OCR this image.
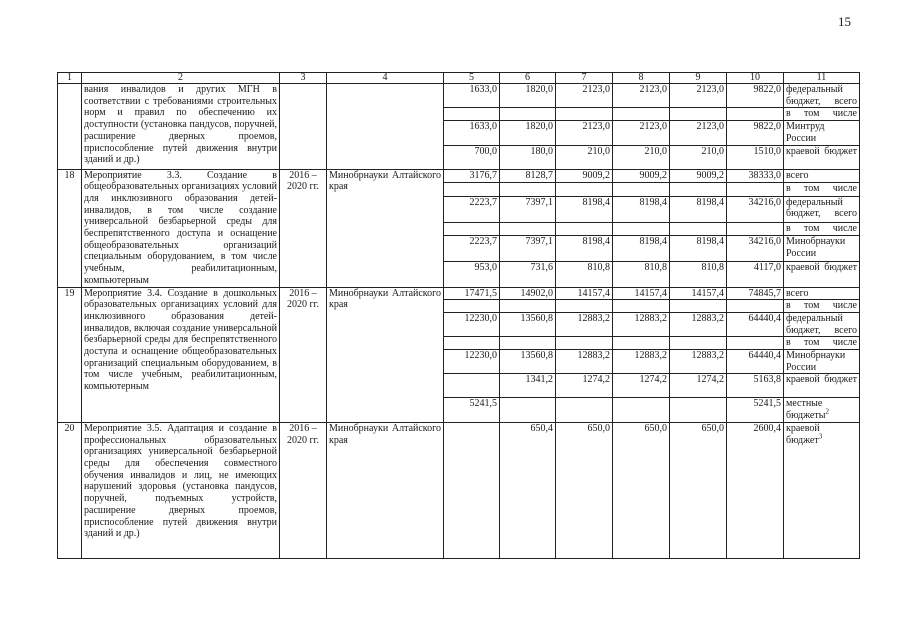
15
1	2	3	4	5	6	7	8	9	10	11
	вания инвалидов и других МГН в соответствии с требованиями строительных норм и правил по обеспечению их доступности (установка пандусов, поручней, расширение дверных проемов, приспособление путей движения внутри зданий и др.)			1633,0	1820,0	2123,0	2123,0	2123,0	9822,0	федеральный бюджет, всего

										в том числе

				1633,0	1820,0	2123,0	2123,0	2123,0	9822,0	Минтруд России

				700,0	180,0	210,0	210,0	210,0	1510,0	краевой бюджет

18	Мероприятие 3.3. Создание в общеобразовательных организациях условий для инклюзивного образования детей-инвалидов, в том числе создание универсальной безбарьерной среды для беспрепятственного доступа и оснащение общеобразовательных организаций специальным оборудованием, в том числе учебным, реабилитационным, компьютерным	2016 – 2020 гг.	Минобрнауки Алтайского края	3176,7	8128,7	9009,2	9009,2	9009,2	38333,0	всего

										в том числе

				2223,7	7397,1	8198,4	8198,4	8198,4	34216,0	федеральный бюджет, всего

										в том числе

				2223,7	7397,1	8198,4	8198,4	8198,4	34216,0	Минобрнауки России

				953,0	731,6	810,8	810,8	810,8	4117,0	краевой бюджет

19	Мероприятие 3.4. Создание в дошкольных образовательных организациях условий для инклюзивного образования детей-инвалидов, включая создание универсальной безбарьерной среды для беспрепятственного доступа и оснащение общеобразовательных организаций специальным оборудованием, в том числе учебным, реабилитационным, компьютерным	2016 – 2020 гг.	Минобрнауки Алтайского края	17471,5	14902,0	14157,4	14157,4	14157,4	74845,7	всего

										в том числе

				12230,0	13560,8	12883,2	12883,2	12883,2	64440,4	федеральный бюджет, всего

										в том числе

				12230,0	13560,8	12883,2	12883,2	12883,2	64440,4	Минобрнауки России

					1341,2	1274,2	1274,2	1274,2	5163,8	краевой бюджет

				5241,5					5241,5	местные бюджеты$^2$
20	Мероприятие 3.5. Адаптация и создание в профессиональных образовательных организациях универсальной безбарьерной среды для обеспечения совместного обучения инвалидов и лиц, не имеющих нарушений здоровья (установка пандусов, поручней, подъемных устройств, расширение дверных проемов, приспособление путей движения внутри зданий и др.)	2016 – 2020 гг.	Минобрнауки Алтайского края		650,4	650,0	650,0	650,0	2600,4	краевой бюджет$^3$
